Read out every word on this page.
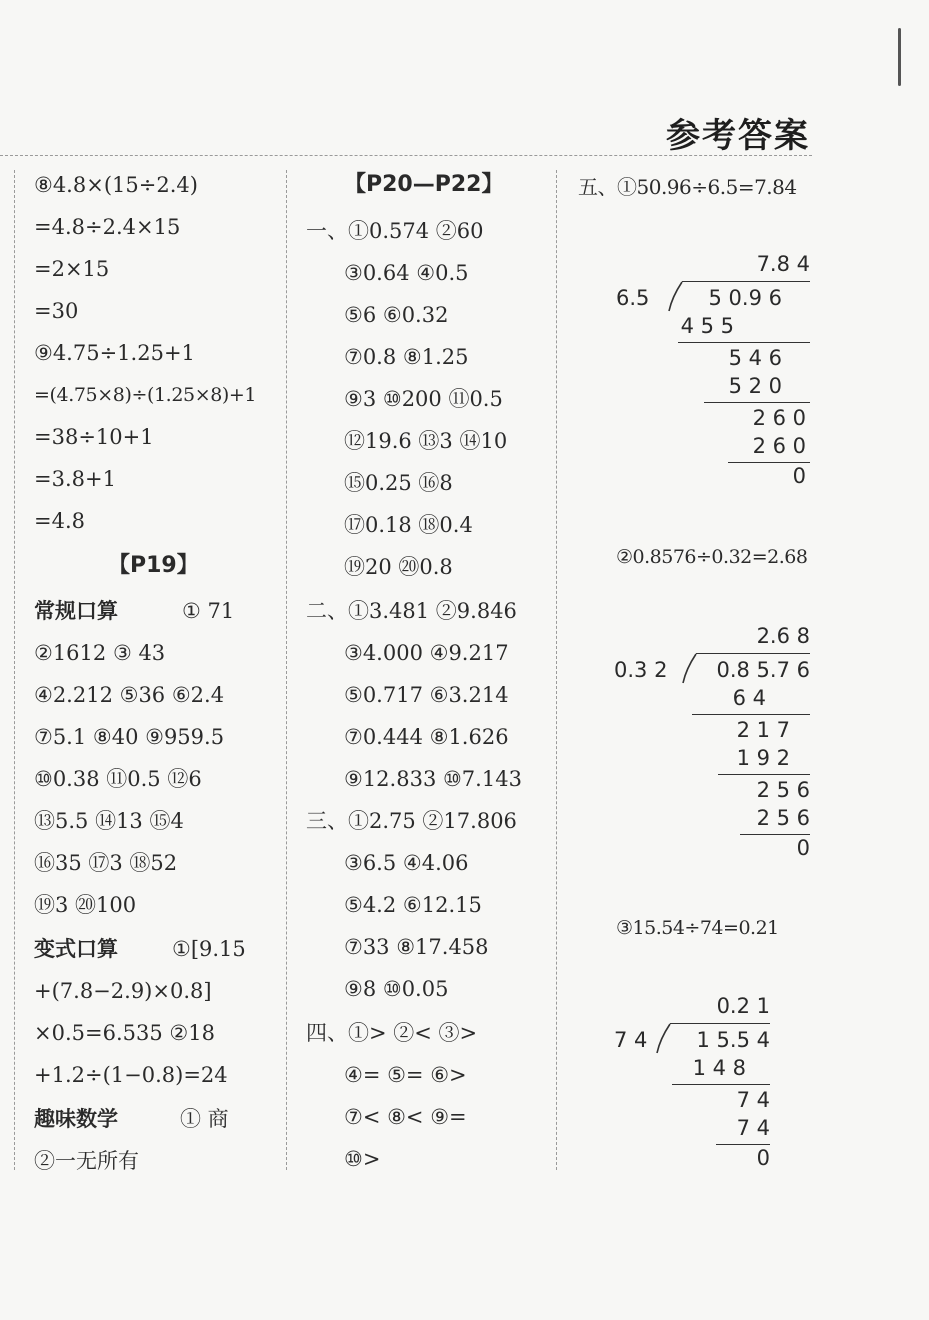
参考答案
⑧4.8×(15÷2.4)
=4.8÷2.4×15
=2×15
=30
⑨4.75÷1.25+1
=(4.75×8)÷(1.25×8)+1
=38÷10+1
=3.8+1
=4.8
【P19】
常规口算	① 71
②1612 ③ 43
④2.212 ⑤36 ⑥2.4
⑦5.1 ⑧40 ⑨959.5
⑩0.38 ⑪0.5 ⑫6
⑬5.5 ⑭13 ⑮4
⑯35 ⑰3 ⑱52
⑲3 ⑳100
变式口算	①[9.15
+(7.8−2.9)×0.8]
×0.5=6.535 ②18
+1.2÷(1−0.8)=24
趣味数学	① 商
②一无所有
【P20—P22】
一、①0.574 ②60
③0.64 ④0.5
⑤6 ⑥0.32
⑦0.8 ⑧1.25
⑨3 ⑩200 ⑪0.5
⑫19.6 ⑬3 ⑭10
⑮0.25 ⑯8
⑰0.18 ⑱0.4
⑲20 ⑳0.8
二、①3.481 ②9.846
③4.000 ④9.217
⑤0.717 ⑥3.214
⑦0.444 ⑧1.626
⑨12.833 ⑩7.143
三、①2.75 ②17.806
③6.5 ④4.06
⑤4.2 ⑥12.15
⑦33 ⑧17.458
⑨8 ⑩0.05
四、①> ②< ③>
④= ⑤= ⑥>
⑦< ⑧< ⑨=
⑩>
五、①50.96÷6.5=7.84
7.8 4
6.5	5 0.9 6
4 5 5
5 4 6
5 2 0
2 6 0
2 6 0
0
②0.8576÷0.32=2.68
2.6 8
0.3 2 0.8 5.7 6
6 4
2 1 7
1 9 2
2 5 6
2 5 6
0
③15.54÷74=0.21
0.2 1
7 4 1 5.5 4
1 4 8
7 4
7 4
0
